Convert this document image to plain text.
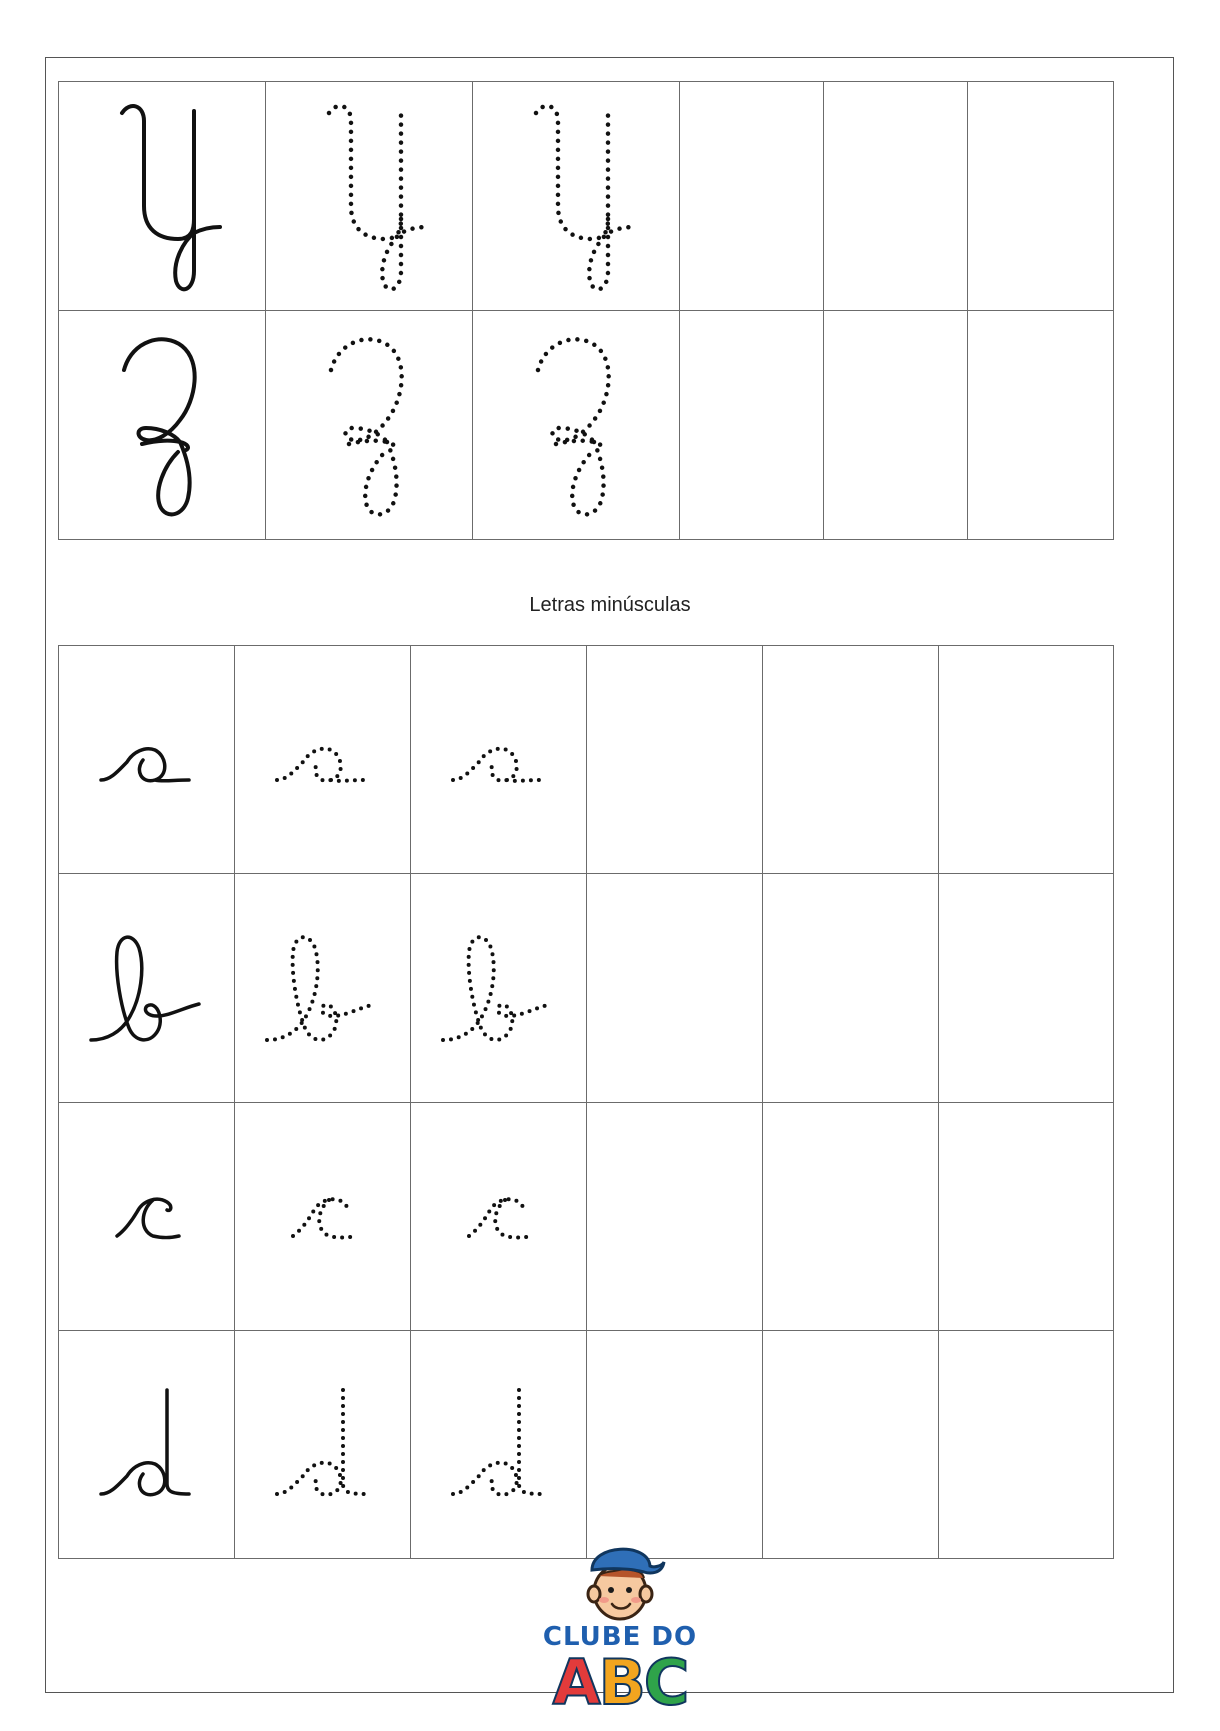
Letras minúsculas

CLUBE DO
ABC
